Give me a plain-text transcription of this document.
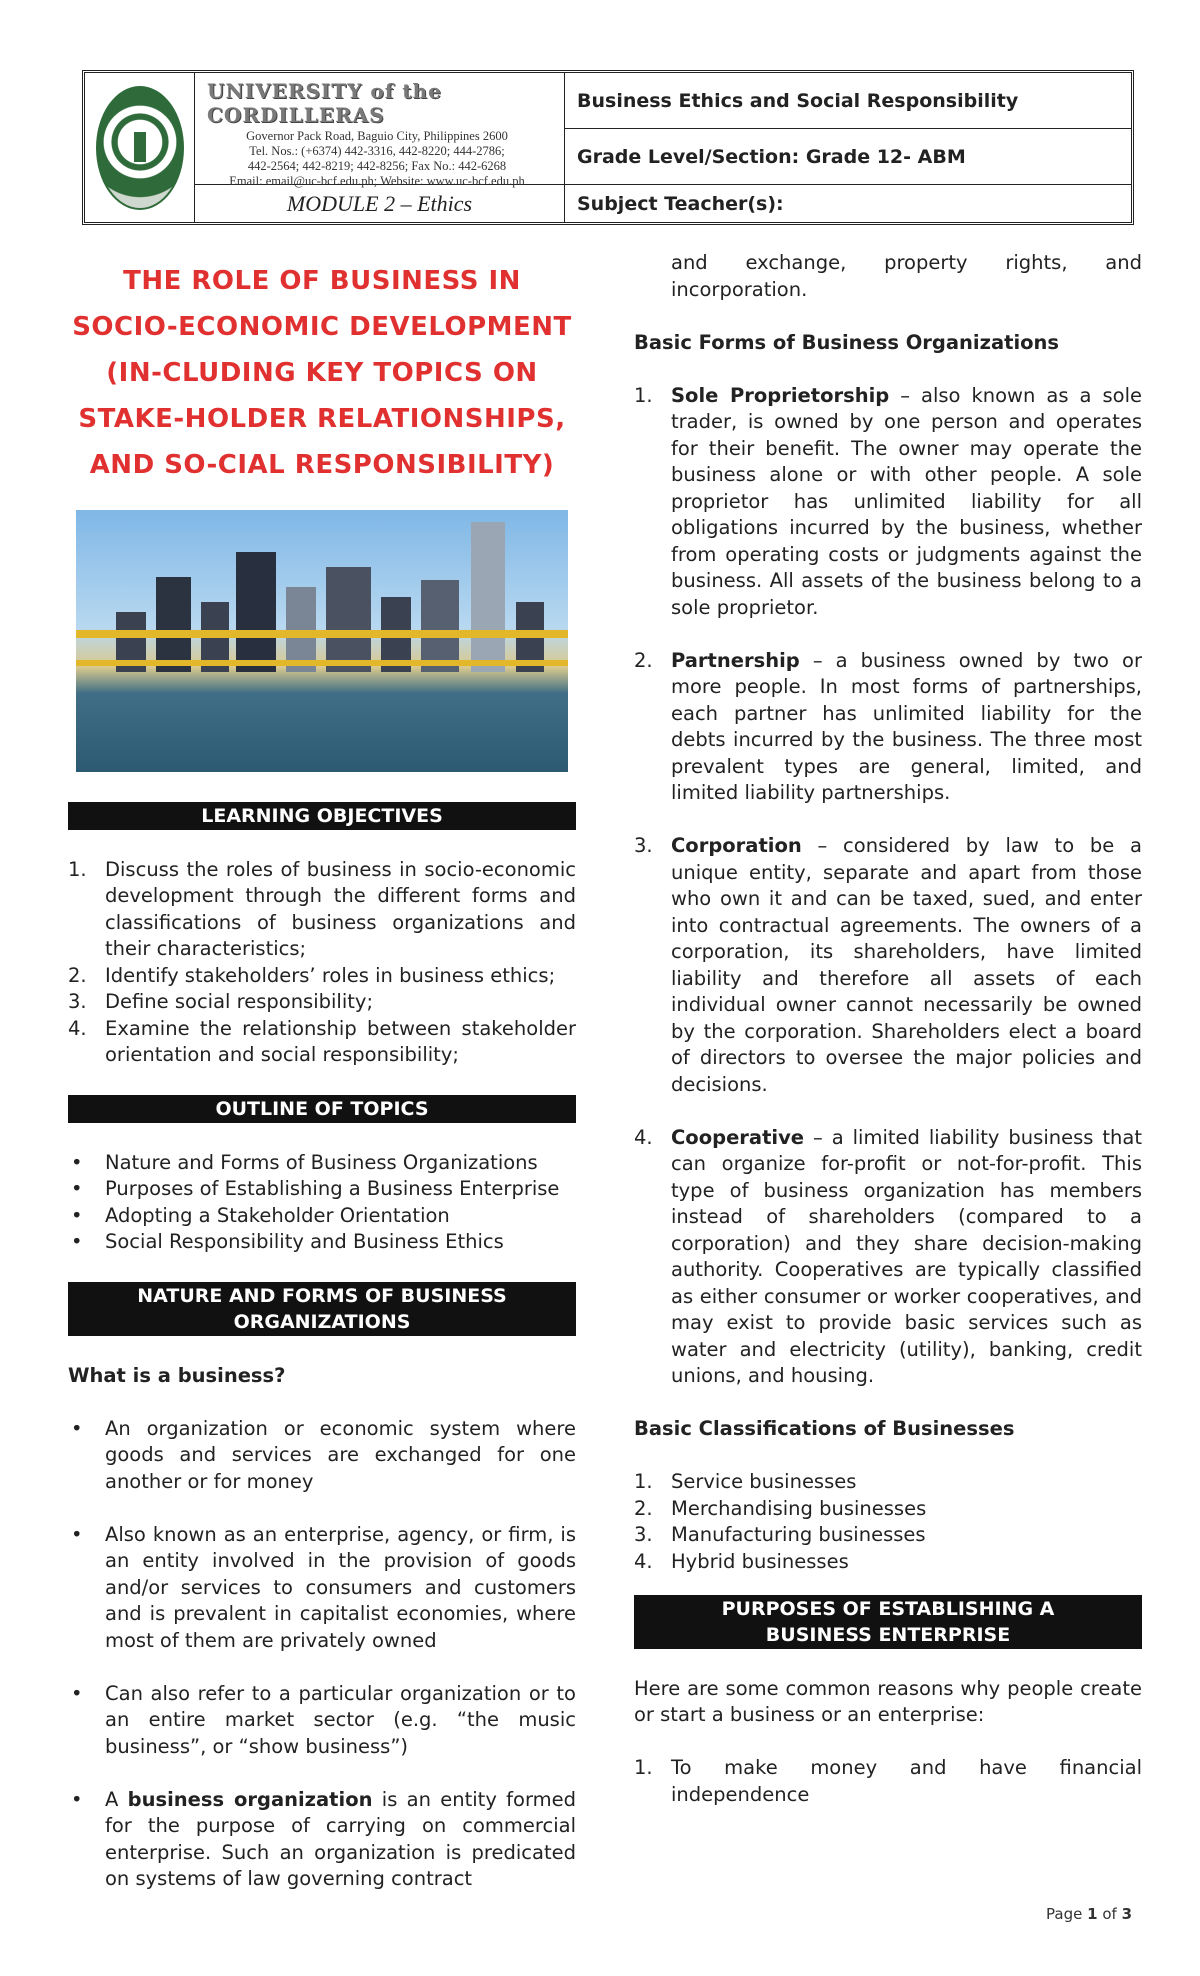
UNIVERSITY of the CORDILLERAS
Governor Pack Road, Baguio City, Philippines 2600
Tel. Nos.: (+6374) 442-3316, 442-8220; 444-2786;
442-2564; 442-8219; 442-8256; Fax No.: 442-6268
Email: email@uc-bcf.edu.ph; Website: www.uc-bcf.edu.ph
MODULE 2 – Ethics
Business Ethics and Social Responsibility
Grade Level/Section: Grade 12- ABM
Subject Teacher(s):
THE ROLE OF BUSINESS IN SOCIO-ECONOMIC DEVELOPMENT (IN-CLUDING KEY TOPICS ON STAKE-HOLDER RELATIONSHIPS, AND SO-CIAL RESPONSIBILITY)
LEARNING OBJECTIVES
1. Discuss the roles of business in socio-economic development through the different forms and classifications of business organizations and their characteristics;
2. Identify stakeholders’ roles in business ethics;
3. Define social responsibility;
4. Examine the relationship between stakeholder orientation and social responsibility;
OUTLINE OF TOPICS
• Nature and Forms of Business Organizations
• Purposes of Establishing a Business Enterprise
• Adopting a Stakeholder Orientation
• Social Responsibility and Business Ethics
NATURE AND FORMS OF BUSINESS ORGANIZATIONS
What is a business?
• An organization or economic system where goods and services are exchanged for one another or for money
• Also known as an enterprise, agency, or firm, is an entity involved in the provision of goods and/or services to consumers and customers and is prevalent in capitalist economies, where most of them are privately owned
• Can also refer to a particular organization or to an entire market sector (e.g. “the music business”, or “show business”)
• A business organization is an entity formed for the purpose of carrying on commercial enterprise. Such an organization is predicated on systems of law governing contract
and exchange, property rights, and incorporation.
Basic Forms of Business Organizations
1. Sole Proprietorship – also known as a sole trader, is owned by one person and operates for their benefit. The owner may operate the business alone or with other people. A sole proprietor has unlimited liability for all obligations incurred by the business, whether from operating costs or judgments against the business. All assets of the business belong to a sole proprietor.
2. Partnership – a business owned by two or more people. In most forms of partnerships, each partner has unlimited liability for the debts incurred by the business. The three most prevalent types are general, limited, and limited liability partnerships.
3. Corporation – considered by law to be a unique entity, separate and apart from those who own it and can be taxed, sued, and enter into contractual agreements. The owners of a corporation, its shareholders, have limited liability and therefore all assets of each individual owner cannot necessarily be owned by the corporation. Shareholders elect a board of directors to oversee the major policies and decisions.
4. Cooperative – a limited liability business that can organize for-profit or not-for-profit. This type of business organization has members instead of shareholders (compared to a corporation) and they share decision-making authority. Cooperatives are typically classified as either consumer or worker cooperatives, and may exist to provide basic services such as water and electricity (utility), banking, credit unions, and housing.
Basic Classifications of Businesses
1. Service businesses
2. Merchandising businesses
3. Manufacturing businesses
4. Hybrid businesses
PURPOSES OF ESTABLISHING A
BUSINESS ENTERPRISE
Here are some common reasons why people create or start a business or an enterprise:
1. To make money and have financial independence
Page 1 of 3
